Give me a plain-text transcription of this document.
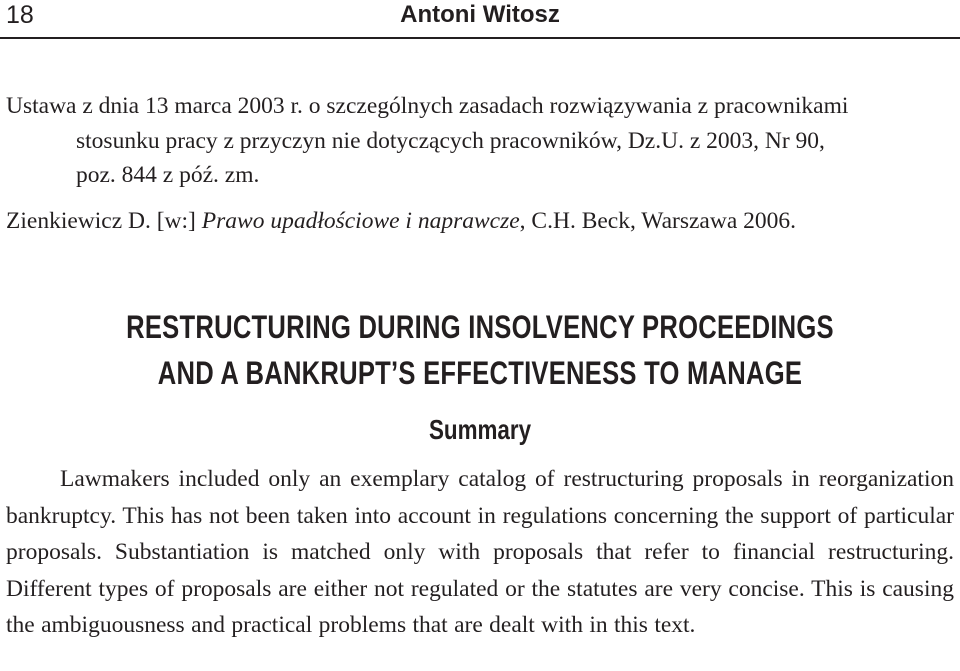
18	Antoni Witosz
Ustawa z dnia 13 marca 2003 r. o szczególnych zasadach rozwiązywania z pracownikami
stosunku pracy z przyczyn nie dotyczących pracowników, Dz.U. z 2003, Nr 90,
poz. 844 z póź. zm.
Zienkiewicz D. [w:] Prawo upadłościowe i naprawcze, C.H. Beck, Warszawa 2006.
RESTRUCTURING DURING INSOLVENCY PROCEEDINGS
AND A BANKRUPT’S EFFECTIVENESS TO MANAGE
Summary
Lawmakers included only an exemplary catalog of restructuring proposals in reorganization bankruptcy. This has not been taken into account in regulations concerning the support of particular proposals. Substantiation is matched only with proposals that refer to financial restructuring. Different types of proposals are either not regulated or the statutes are very concise. This is causing the ambiguousness and practical problems that are dealt with in this text.
